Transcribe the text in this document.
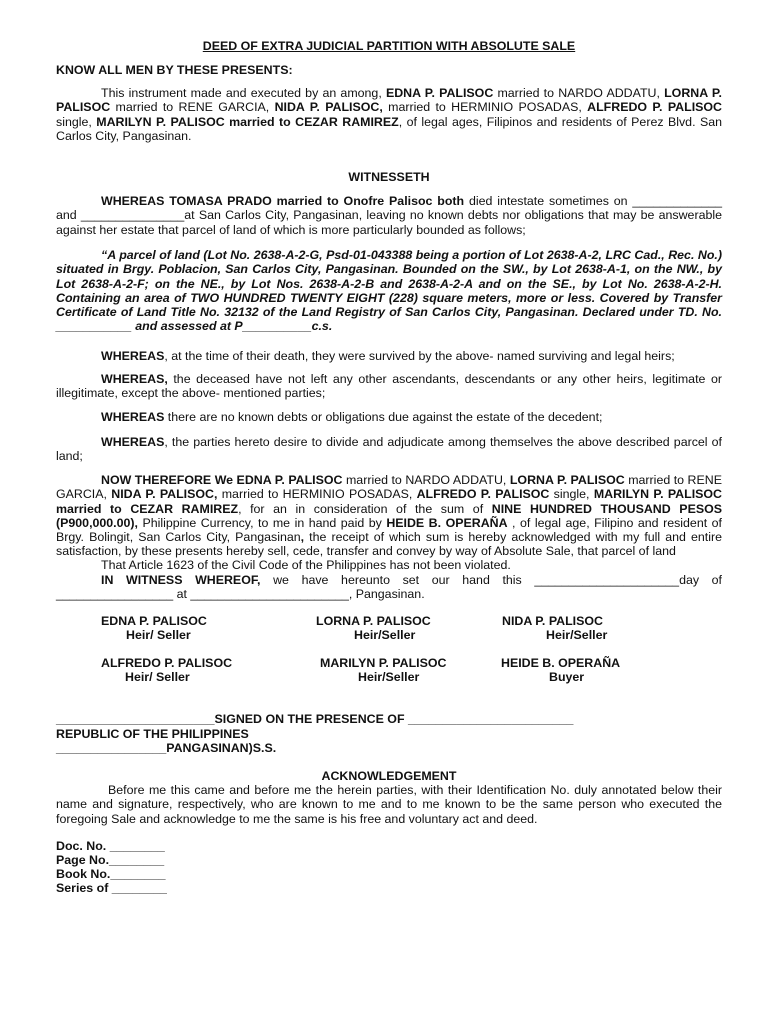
DEED OF EXTRA JUDICIAL PARTITION WITH ABSOLUTE SALE
KNOW ALL MEN BY THESE PRESENTS:

This instrument made and executed by an among, EDNA P. PALISOC married to NARDO ADDATU, LORNA P. PALISOC married to RENE GARCIA, NIDA P. PALISOC, married to HERMINIO POSADAS, ALFREDO P. PALISOC single, MARILYN P. PALISOC married to CEZAR RAMIREZ, of legal ages, Filipinos and residents of Perez Blvd. San Carlos City, Pangasinan.

WITNESSETH

WHEREAS TOMASA PRADO married to Onofre Palisoc both died intestate sometimes on _____________ and _______________at San Carlos City, Pangasinan, leaving no known debts nor obligations that may be answerable against her estate that parcel of land of which is more particularly bounded as follows;

“A parcel of land (Lot No. 2638-A-2-G, Psd-01-043388 being a portion of Lot 2638-A-2, LRC Cad., Rec. No.) situated in Brgy. Poblacion, San Carlos City, Pangasinan. Bounded on the SW., by Lot 2638-A-1, on the NW., by Lot 2638-A-2-F; on the NE., by Lot Nos. 2638-A-2-B and 2638-A-2-A and on the SE., by Lot No. 2638-A-2-H. Containing an area of TWO HUNDRED TWENTY EIGHT (228) square meters, more or less. Covered by Transfer Certificate of Land Title No. 32132 of the Land Registry of San Carlos City, Pangasinan. Declared under TD. No. ___________ and assessed at P__________c.s.

WHEREAS, at the time of their death, they were survived by the above- named surviving and legal heirs;

WHEREAS, the deceased have not left any other ascendants, descendants or any other heirs, legitimate or illegitimate, except the above- mentioned parties;

WHEREAS there are no known debts or obligations due against the estate of the decedent;

WHEREAS, the parties hereto desire to divide and adjudicate among themselves the above described parcel of land;

NOW THEREFORE We EDNA P. PALISOC married to NARDO ADDATU, LORNA P. PALISOC married to RENE GARCIA, NIDA P. PALISOC, married to HERMINIO POSADAS, ALFREDO P. PALISOC single, MARILYN P. PALISOC married to CEZAR RAMIREZ, for an in consideration of the sum of NINE HUNDRED THOUSAND PESOS (P900,000.00), Philippine Currency, to me in hand paid by HEIDE B. OPERAÑA , of legal age, Filipino and resident of Brgy. Bolingit, San Carlos City, Pangasinan, the receipt of which sum is hereby acknowledged with my full and entire satisfaction, by these presents hereby sell, cede, transfer and convey by way of Absolute Sale, that parcel of land

That Article 1623 of the Civil Code of the Philippines has not been violated.

IN WITNESS WHEREOF, we have hereunto set our hand this _____________________day of _________________ at _______________________, Pangasinan.

EDNA P. PALISOC
Heir/ Seller
LORNA P. PALISOC
Heir/Seller
NIDA P. PALISOC
Heir/Seller
ALFREDO P. PALISOC
Heir/ Seller
MARILYN P. PALISOC
Heir/Seller
HEIDE B. OPERAÑA
Buyer
_______________________SIGNED ON THE PRESENCE OF ________________________
REPUBLIC OF THE PHILIPPINES
________________PANGASINAN)S.S.
ACKNOWLEDGEMENT

Before me this came and before me the herein parties, with their Identification No. duly annotated below their name and signature, respectively, who are known to me and to me known to be the same person who executed the foregoing Sale and acknowledge to me the same is his free and voluntary act and deed.

Doc. No. ________
Page No.________
Book No.________
Series of ________
